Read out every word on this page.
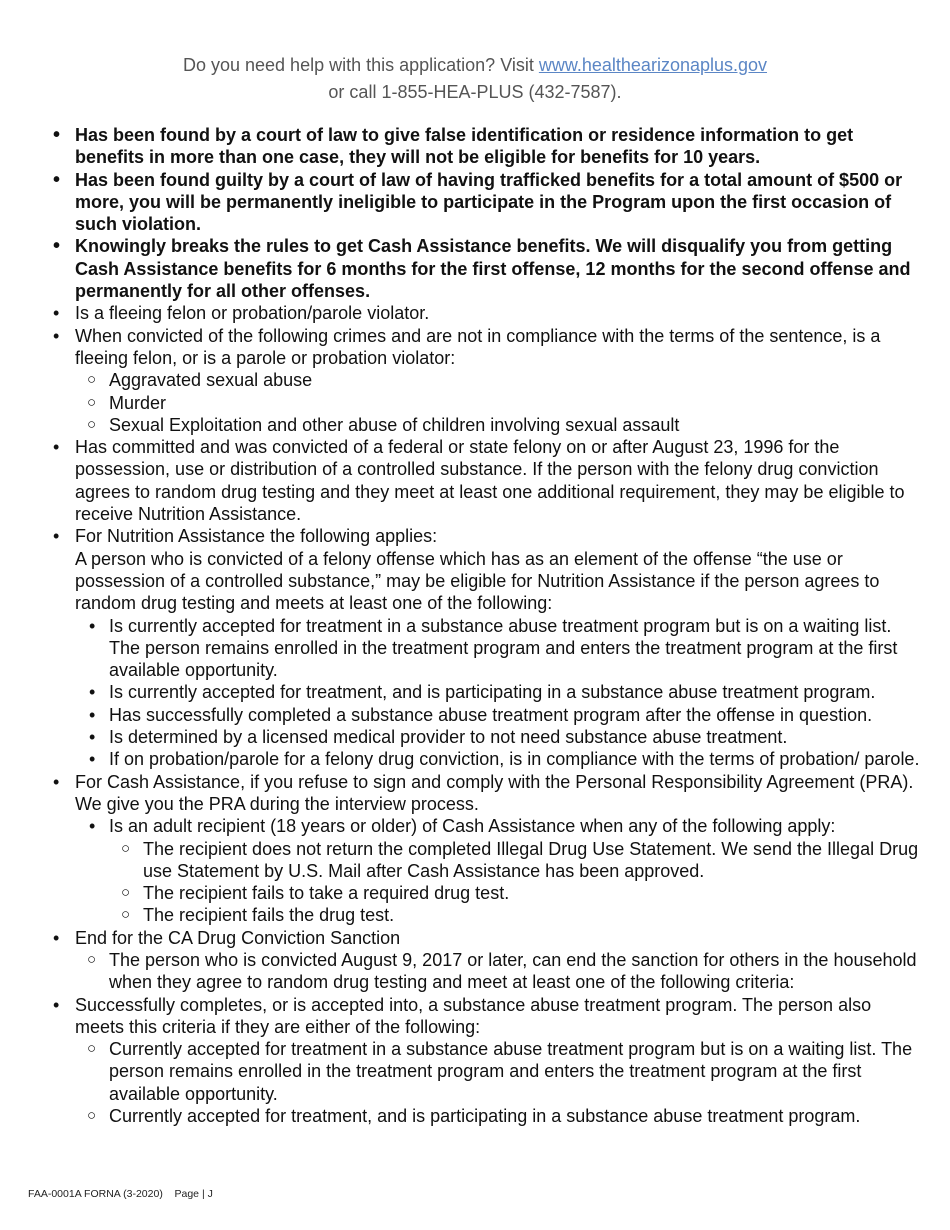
Do you need help with this application? Visit www.healthearizonaplus.gov
or call 1-855-HEA-PLUS (432-7587).
• Has been found by a court of law to give false identification or residence information to get benefits in more than one case, they will not be eligible for benefits for 10 years.
• Has been found guilty by a court of law of having trafficked benefits for a total amount of $500 or more, you will be permanently ineligible to participate in the Program upon the first occasion of such violation.
• Knowingly breaks the rules to get Cash Assistance benefits. We will disqualify you from getting Cash Assistance benefits for 6 months for the first offense, 12 months for the second offense and permanently for all other offenses.
• Is a fleeing felon or probation/parole violator.
• When convicted of the following crimes and are not in compliance with the terms of the sentence, is a fleeing felon, or is a parole or probation violator:
○ Aggravated sexual abuse
○ Murder
○ Sexual Exploitation and other abuse of children involving sexual assault
• Has committed and was convicted of a federal or state felony on or after August 23, 1996 for the possession, use or distribution of a controlled substance. If the person with the felony drug conviction agrees to random drug testing and they meet at least one additional requirement, they may be eligible to receive Nutrition Assistance.
• For Nutrition Assistance the following applies:
A person who is convicted of a felony offense which has as an element of the offense “the use or possession of a controlled substance,” may be eligible for Nutrition Assistance if the person agrees to random drug testing and meets at least one of the following:
• Is currently accepted for treatment in a substance abuse treatment program but is on a waiting list. The person remains enrolled in the treatment program and enters the treatment program at the first available opportunity.
• Is currently accepted for treatment, and is participating in a substance abuse treatment program.
• Has successfully completed a substance abuse treatment program after the offense in question.
• Is determined by a licensed medical provider to not need substance abuse treatment.
• If on probation/parole for a felony drug conviction, is in compliance with the terms of probation/ parole.
• For Cash Assistance, if you refuse to sign and comply with the Personal Responsibility Agreement (PRA). We give you the PRA during the interview process.
• Is an adult recipient (18 years or older) of Cash Assistance when any of the following apply:
○ The recipient does not return the completed Illegal Drug Use Statement. We send the Illegal Drug use Statement by U.S. Mail after Cash Assistance has been approved.
○ The recipient fails to take a required drug test.
○ The recipient fails the drug test.
• End for the CA Drug Conviction Sanction
○ The person who is convicted August 9, 2017 or later, can end the sanction for others in the household when they agree to random drug testing and meet at least one of the following criteria:
• Successfully completes, or is accepted into, a substance abuse treatment program. The person also meets this criteria if they are either of the following:
○ Currently accepted for treatment in a substance abuse treatment program but is on a waiting list. The person remains enrolled in the treatment program and enters the treatment program at the first available opportunity.
○ Currently accepted for treatment, and is participating in a substance abuse treatment program.
FAA-0001A FORNA (3-2020) Page | J
